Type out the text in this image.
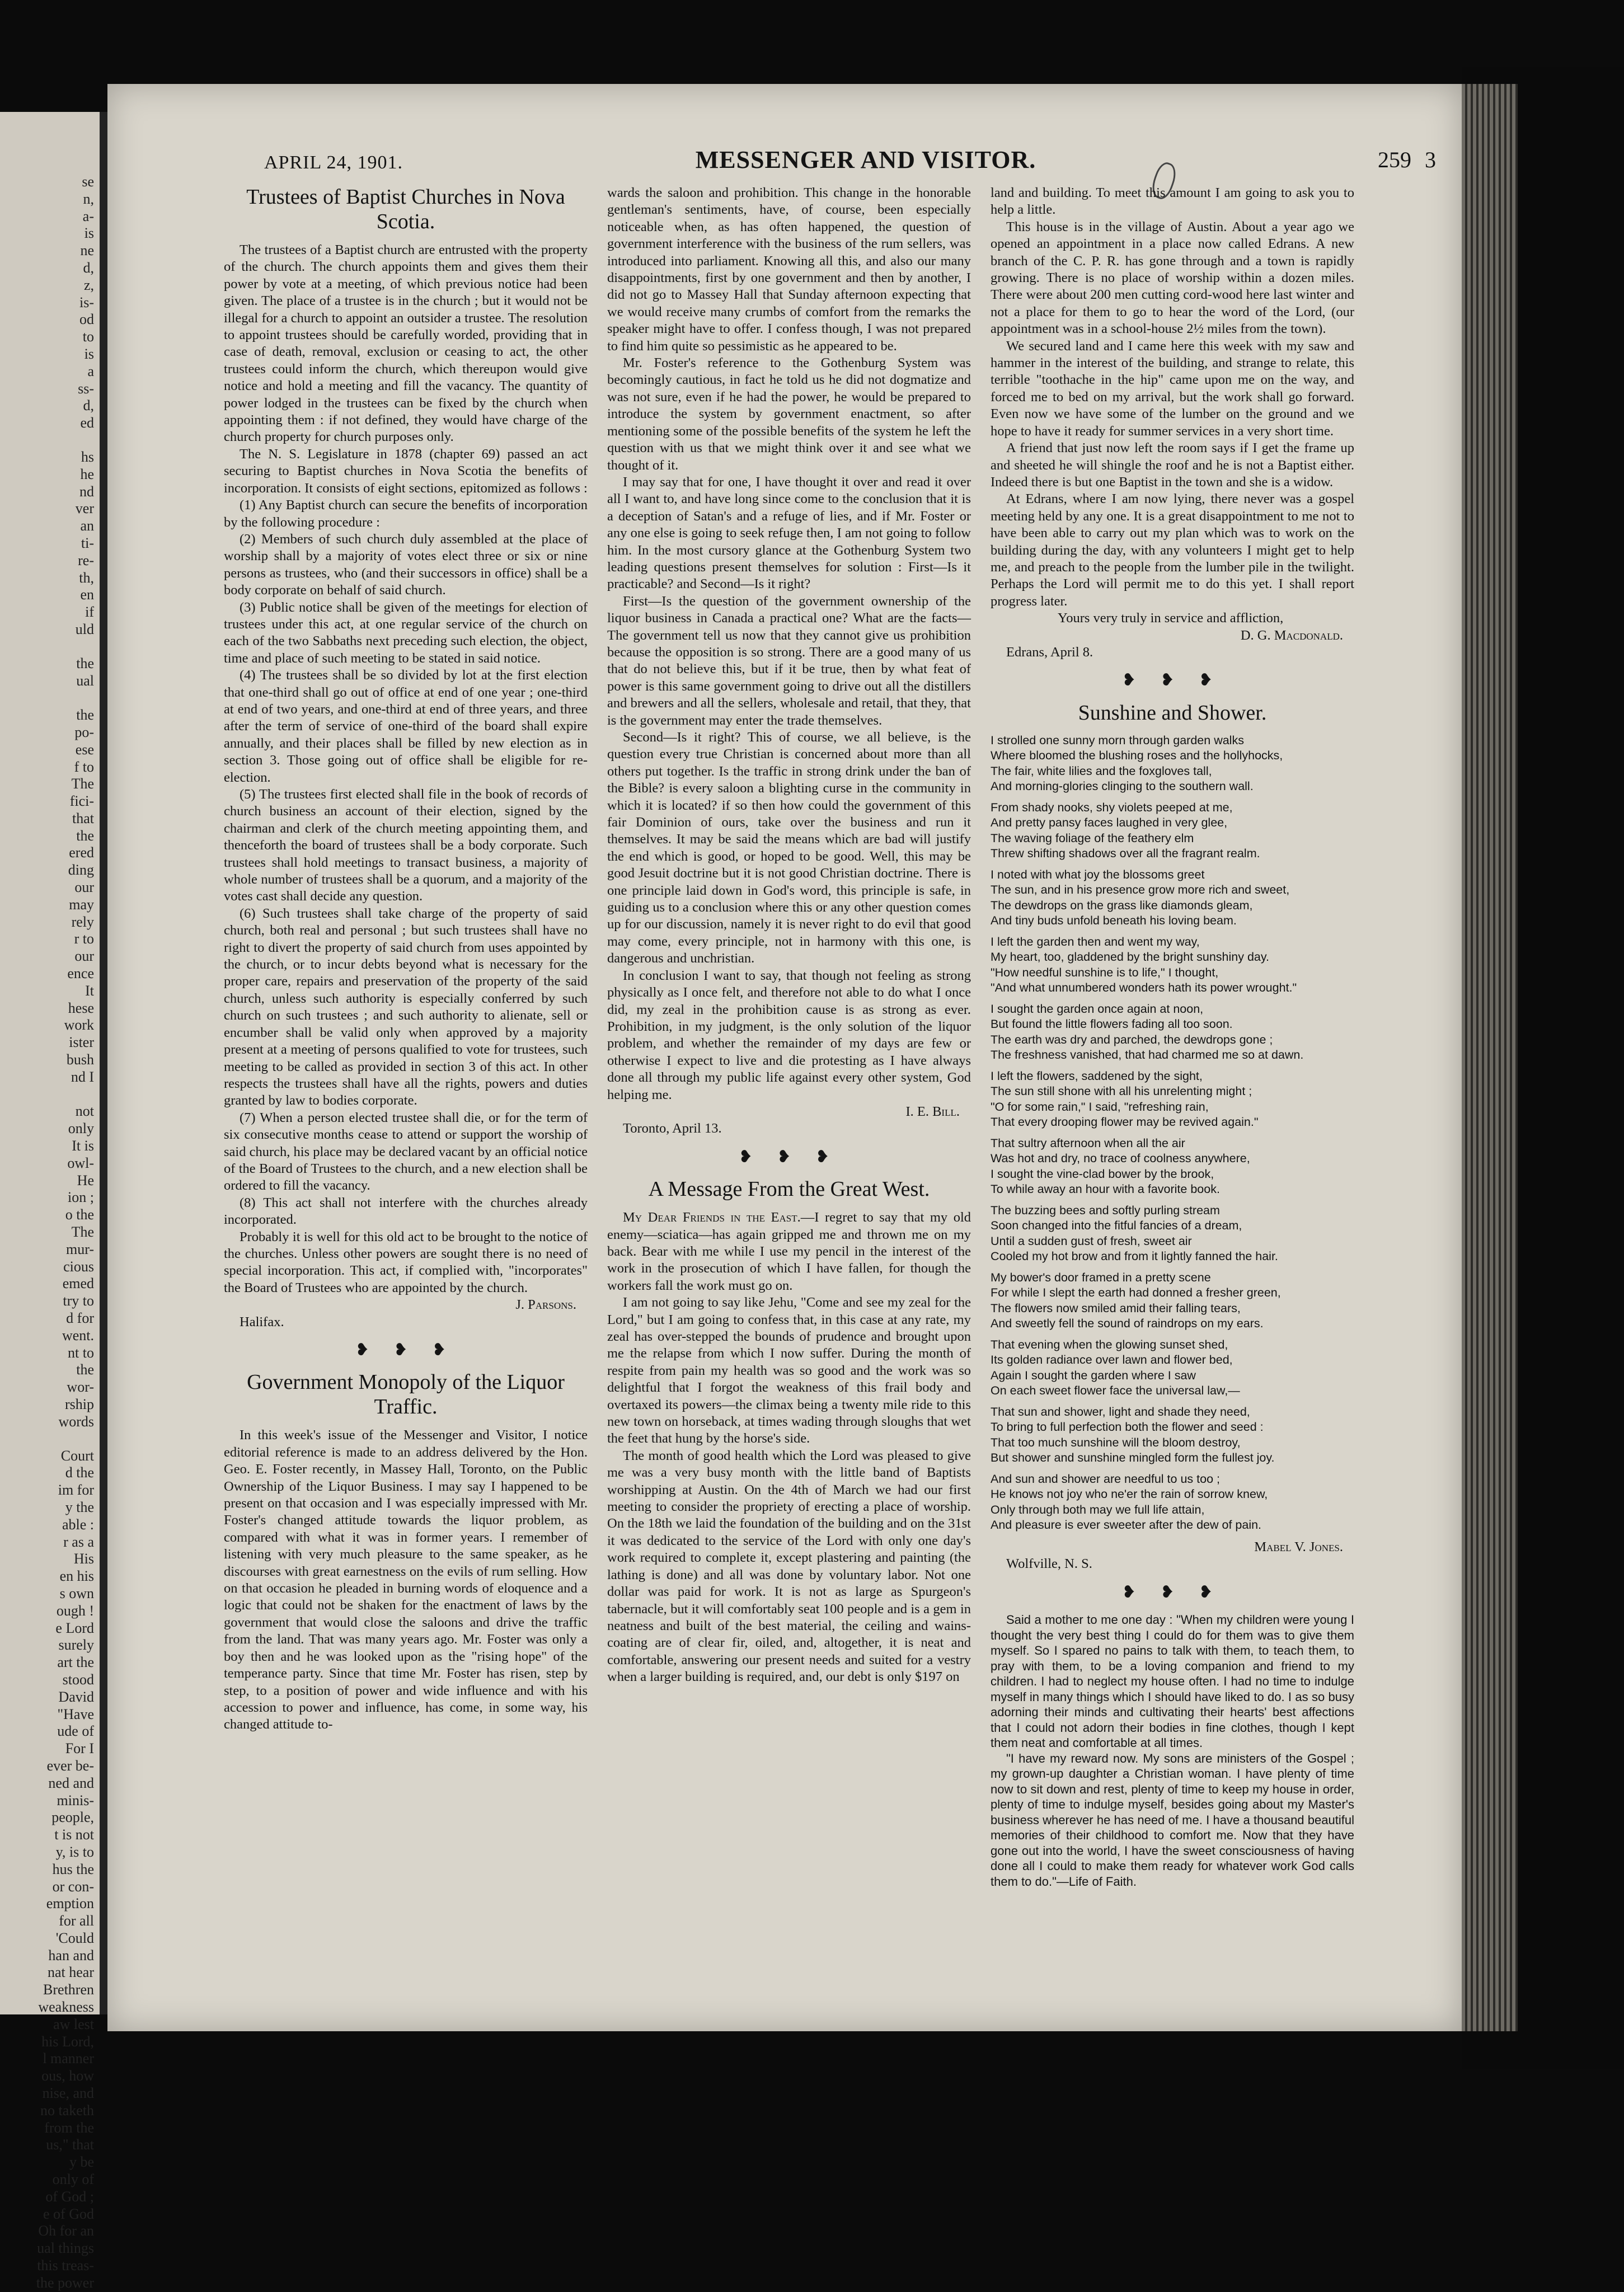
se
n,
a-
is
ne
d,
z,
is-
od
to
is
a
ss-
d,
ed
hs
he
nd
ver
an
ti-
re-
th,
en
if
uld
the
ual

the
po-
ese
f to
The
fici-
that
the
ered
ding
our
may
rely
r to
our
ence
It
hese
work
ister
bush
nd I

not
only
It is
owl-
He
ion ;
o the
The
mur-
cious
emed
try to
d for
went.
nt to
the
wor-
rship
words
Court
d the
im for
y the
able :
r as a
His
en his
s own
ough !
e Lord
surely
art the
stood
David
"Have
ude of
For I
ever be-
ned and
minis-
people,
t is not
y, is to
hus the
or con-
emption
for all
'Could
han and
nat hear
Brethren
weakness
aw lest
his Lord,
l manner
ous, how
nise, and
no taketh
from the
us," that
y be
only of
of God ;
e of God
Oh for an
ual things
this treas-
the power
APRIL 24, 1901.	MESSENGER AND VISITOR.	259 3
Trustees of Baptist Churches in Nova Scotia.

The trustees of a Baptist church are entrusted with the property of the church. The church appoints them and gives them their power by vote at a meeting, of which previous notice had been given. The place of a trustee is in the church ; but it would not be illegal for a church to appoint an outsider a trustee. The resolution to appoint trustees should be carefully worded, providing that in case of death, removal, exclusion or ceasing to act, the other trustees could inform the church, which thereupon would give notice and hold a meeting and fill the vacancy. The quantity of power lodged in the trustees can be fixed by the church when appointing them : if not defined, they would have charge of the church property for church purposes only.

The N. S. Legislature in 1878 (chapter 69) passed an act securing to Baptist churches in Nova Scotia the benefits of incorporation. It consists of eight sections, epitomized as follows :

(1) Any Baptist church can secure the benefits of incorporation by the following procedure :

(2) Members of such church duly assembled at the place of worship shall by a majority of votes elect three or six or nine persons as trustees, who (and their successors in office) shall be a body corporate on behalf of said church.

(3) Public notice shall be given of the meetings for election of trustees under this act, at one regular service of the church on each of the two Sabbaths next preceding such election, the object, time and place of such meeting to be stated in said notice.

(4) The trustees shall be so divided by lot at the first election that one-third shall go out of office at end of one year ; one-third at end of two years, and one-third at end of three years, and three after the term of service of one-third of the board shall expire annually, and their places shall be filled by new election as in section 3. Those going out of office shall be eligible for re-election.

(5) The trustees first elected shall file in the book of records of church business an account of their election, signed by the chairman and clerk of the church meeting appointing them, and thenceforth the board of trustees shall be a body corporate. Such trustees shall hold meetings to transact business, a majority of whole number of trustees shall be a quorum, and a majority of the votes cast shall decide any question.

(6) Such trustees shall take charge of the property of said church, both real and personal ; but such trustees shall have no right to divert the property of said church from uses appointed by the church, or to incur debts beyond what is necessary for the proper care, repairs and preservation of the property of the said church, unless such authority is especially conferred by such church on such trustees ; and such authority to alienate, sell or encumber shall be valid only when approved by a majority present at a meeting of persons qualified to vote for trustees, such meeting to be called as provided in section 3 of this act. In other respects the trustees shall have all the rights, powers and duties granted by law to bodies corporate.

(7) When a person elected trustee shall die, or for the term of six consecutive months cease to attend or support the worship of said church, his place may be declared vacant by an official notice of the Board of Trustees to the church, and a new election shall be ordered to fill the vacancy.

(8) This act shall not interfere with the churches already incorporated.

Probably it is well for this old act to be brought to the notice of the churches. Unless other powers are sought there is no need of special incorporation. This act, if complied with, "incorporates" the Board of Trustees who are appointed by the church.

J. Parsons.

Halifax.

❥ ❥ ❥
Government Monopoly of the Liquor Traffic.

In this week's issue of the Messenger and Visitor, I notice editorial reference is made to an address delivered by the Hon. Geo. E. Foster recently, in Massey Hall, Toronto, on the Public Ownership of the Liquor Business. I may say I happened to be present on that occasion and I was especially impressed with Mr. Foster's changed attitude towards the liquor problem, as compared with what it was in former years. I remember of listening with very much pleasure to the same speaker, as he discourses with great earnestness on the evils of rum selling. How on that occasion he pleaded in burning words of eloquence and a logic that could not be shaken for the enactment of laws by the government that would close the saloons and drive the traffic from the land. That was many years ago. Mr. Foster was only a boy then and he was looked upon as the "rising hope" of the temperance party. Since that time Mr. Foster has risen, step by step, to a position of power and wide influence and with his accession to power and influence, has come, in some way, his changed attitude to-

wards the saloon and prohibition. This change in the honorable gentleman's sentiments, have, of course, been especially noticeable when, as has often happened, the question of government interference with the business of the rum sellers, was introduced into parliament. Knowing all this, and also our many disappointments, first by one government and then by another, I did not go to Massey Hall that Sunday afternoon expecting that we would receive many crumbs of comfort from the remarks the speaker might have to offer. I confess though, I was not prepared to find him quite so pessimistic as he appeared to be.

Mr. Foster's reference to the Gothenburg System was becomingly cautious, in fact he told us he did not dogmatize and was not sure, even if he had the power, he would be prepared to introduce the system by government enactment, so after mentioning some of the possible benefits of the system he left the question with us that we might think over it and see what we thought of it.

I may say that for one, I have thought it over and read it over all I want to, and have long since come to the conclusion that it is a deception of Satan's and a refuge of lies, and if Mr. Foster or any one else is going to seek refuge then, I am not going to follow him. In the most cursory glance at the Gothenburg System two leading questions present themselves for solution : First—Is it practicable? and Second—Is it right?

First—Is the question of the government ownership of the liquor business in Canada a practical one? What are the facts—The government tell us now that they cannot give us prohibition because the opposition is so strong. There are a good many of us that do not believe this, but if it be true, then by what feat of power is this same government going to drive out all the distillers and brewers and all the sellers, wholesale and retail, that they, that is the government may enter the trade themselves.

Second—Is it right? This of course, we all believe, is the question every true Christian is concerned about more than all others put together. Is the traffic in strong drink under the ban of the Bible? is every saloon a blighting curse in the community in which it is located? if so then how could the government of this fair Dominion of ours, take over the business and run it themselves. It may be said the means which are bad will justify the end which is good, or hoped to be good. Well, this may be good Jesuit doctrine but it is not good Christian doctrine. There is one principle laid down in God's word, this principle is safe, in guiding us to a conclusion where this or any other question comes up for our discussion, namely it is never right to do evil that good may come, every principle, not in harmony with this one, is dangerous and unchristian.

In conclusion I want to say, that though not feeling as strong physically as I once felt, and therefore not able to do what I once did, my zeal in the prohibition cause is as strong as ever. Prohibition, in my judgment, is the only solution of the liquor problem, and whether the remainder of my days are few or otherwise I expect to live and die protesting as I have always done all through my public life against every other system, God helping me.

I. E. Bill.

Toronto, April 13.

❥ ❥ ❥
A Message From the Great West.

My Dear Friends in the East.—I regret to say that my old enemy—sciatica—has again gripped me and thrown me on my back. Bear with me while I use my pencil in the interest of the work in the prosecution of which I have fallen, for though the workers fall the work must go on.

I am not going to say like Jehu, "Come and see my zeal for the Lord," but I am going to confess that, in this case at any rate, my zeal has over-stepped the bounds of prudence and brought upon me the relapse from which I now suffer. During the month of respite from pain my health was so good and the work was so delightful that I forgot the weakness of this frail body and overtaxed its powers—the climax being a twenty mile ride to this new town on horseback, at times wading through sloughs that wet the feet that hung by the horse's side.

The month of good health which the Lord was pleased to give me was a very busy month with the little band of Baptists worshipping at Austin. On the 4th of March we had our first meeting to consider the propriety of erecting a place of worship. On the 18th we laid the foundation of the building and on the 31st it was dedicated to the service of the Lord with only one day's work required to complete it, except plastering and painting (the lathing is done) and all was done by voluntary labor. Not one dollar was paid for work. It is not as large as Spurgeon's tabernacle, but it will comfortably seat 100 people and is a gem in neatness and built of the best material, the ceiling and wains-coating are of clear fir, oiled, and, altogether, it is neat and comfortable, answering our present needs and suited for a vestry when a larger building is required, and, our debt is only $197 on

land and building. To meet this amount I am going to ask you to help a little.

This house is in the village of Austin. About a year ago we opened an appointment in a place now called Edrans. A new branch of the C. P. R. has gone through and a town is rapidly growing. There is no place of worship within a dozen miles. There were about 200 men cutting cord-wood here last winter and not a place for them to go to hear the word of the Lord, (our appointment was in a school-house 2½ miles from the town).

We secured land and I came here this week with my saw and hammer in the interest of the building, and strange to relate, this terrible "toothache in the hip" came upon me on the way, and forced me to bed on my arrival, but the work shall go forward. Even now we have some of the lumber on the ground and we hope to have it ready for summer services in a very short time.

A friend that just now left the room says if I get the frame up and sheeted he will shingle the roof and he is not a Baptist either. Indeed there is but one Baptist in the town and she is a widow.

At Edrans, where I am now lying, there never was a gospel meeting held by any one. It is a great disappointment to me not to have been able to carry out my plan which was to work on the building during the day, with any volunteers I might get to help me, and preach to the people from the lumber pile in the twilight. Perhaps the Lord will permit me to do this yet. I shall report progress later.

Yours very truly in service and affliction,

D. G. Macdonald.

Edrans, April 8.

❥ ❥ ❥
Sunshine and Shower.
I strolled one sunny morn through garden walks
Where bloomed the blushing roses and the hollyhocks,
The fair, white lilies and the foxgloves tall,
And morning-glories clinging to the southern wall.
From shady nooks, shy violets peeped at me,
And pretty pansy faces laughed in very glee,
The waving foliage of the feathery elm
Threw shifting shadows over all the fragrant realm.
I noted with what joy the blossoms greet
The sun, and in his presence grow more rich and sweet,
The dewdrops on the grass like diamonds gleam,
And tiny buds unfold beneath his loving beam.
I left the garden then and went my way,
My heart, too, gladdened by the bright sunshiny day.
"How needful sunshine is to life," I thought,
"And what unnumbered wonders hath its power wrought."
I sought the garden once again at noon,
But found the little flowers fading all too soon.
The earth was dry and parched, the dewdrops gone ;
The freshness vanished, that had charmed me so at dawn.
I left the flowers, saddened by the sight,
The sun still shone with all his unrelenting might ;
"O for some rain," I said, "refreshing rain,
That every drooping flower may be revived again."
That sultry afternoon when all the air
Was hot and dry, no trace of coolness anywhere,
I sought the vine-clad bower by the brook,
To while away an hour with a favorite book.
The buzzing bees and softly purling stream
Soon changed into the fitful fancies of a dream,
Until a sudden gust of fresh, sweet air
Cooled my hot brow and from it lightly fanned the hair.
My bower's door framed in a pretty scene
For while I slept the earth had donned a fresher green,
The flowers now smiled amid their falling tears,
And sweetly fell the sound of raindrops on my ears.
That evening when the glowing sunset shed,
Its golden radiance over lawn and flower bed,
Again I sought the garden where I saw
On each sweet flower face the universal law,—
That sun and shower, light and shade they need,
To bring to full perfection both the flower and seed :
That too much sunshine will the bloom destroy,
But shower and sunshine mingled form the fullest joy.
And sun and shower are needful to us too ;
He knows not joy who ne'er the rain of sorrow knew,
Only through both may we full life attain,
And pleasure is ever sweeter after the dew of pain.
Mabel V. Jones.

Wolfville, N. S.

❥ ❥ ❥

Said a mother to me one day : "When my children were young I thought the very best thing I could do for them was to give them myself. So I spared no pains to talk with them, to teach them, to pray with them, to be a loving companion and friend to my children. I had to neglect my house often. I had no time to indulge myself in many things which I should have liked to do. I as so busy adorning their minds and cultivating their hearts' best affections that I could not adorn their bodies in fine clothes, though I kept them neat and comfortable at all times.

"I have my reward now. My sons are ministers of the Gospel ; my grown-up daughter a Christian woman. I have plenty of time now to sit down and rest, plenty of time to keep my house in order, plenty of time to indulge myself, besides going about my Master's business wherever he has need of me. I have a thousand beautiful memories of their childhood to comfort me. Now that they have gone out into the world, I have the sweet consciousness of having done all I could to make them ready for whatever work God calls them to do."—Life of Faith.
